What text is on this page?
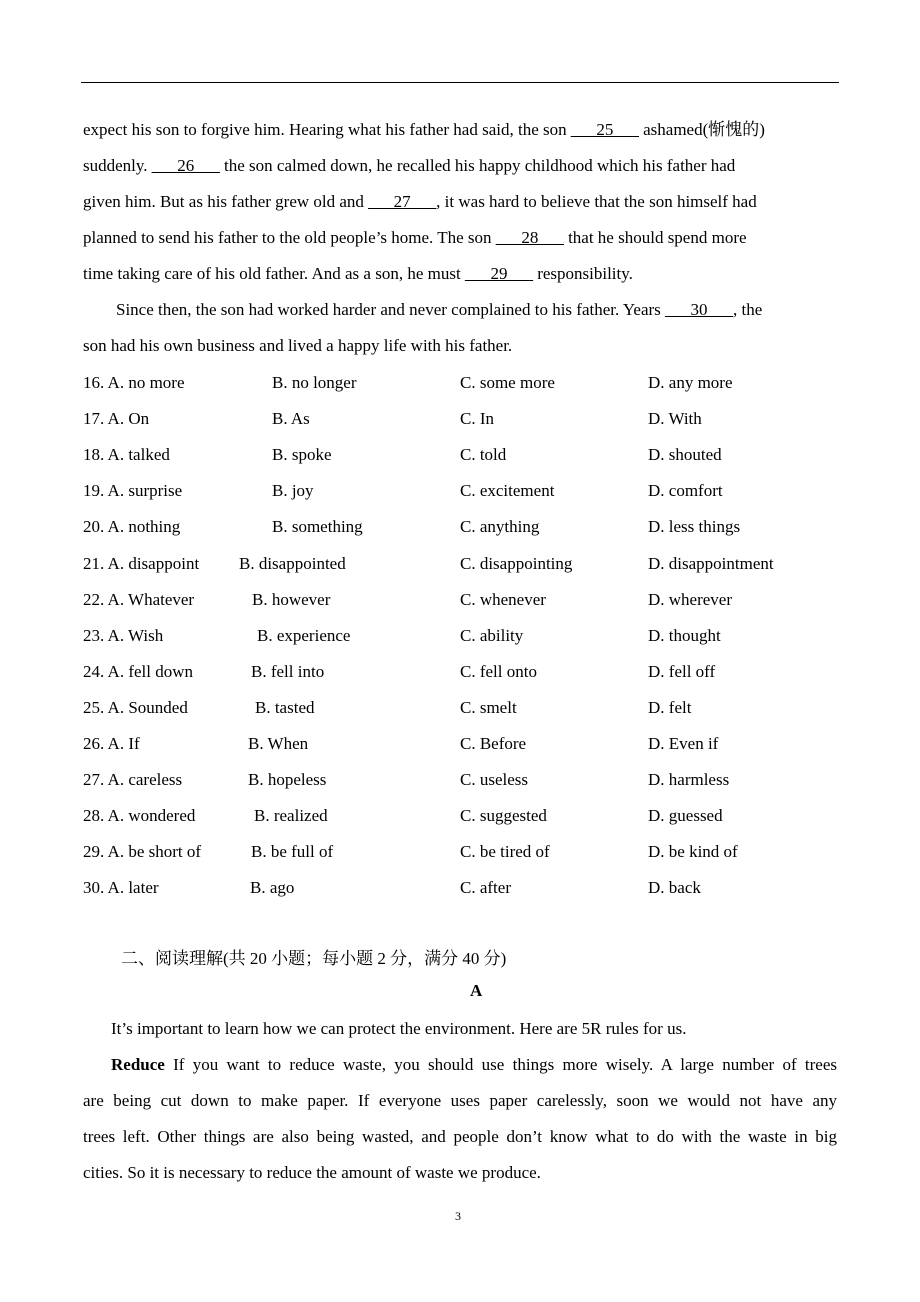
expect his son to forgive him. Hearing what his father had said, the son ___25___ ashamed(惭愧的)
suddenly. ___26___ the son calmed down, he recalled his happy childhood which his father had
given him. But as his father grew old and ___27___, it was hard to believe that the son himself had
planned to send his father to the old people’s home. The son ___28___ that he should spend more
time taking care of his old father. And as a son, he must ___29___ responsibility.
Since then, the son had worked harder and never complained to his father. Years ___30___, the
son had his own business and lived a happy life with his father.
16. A. no more	B. no longer	C. some more	D. any more
17. A. On	B. As	C. In	D. With
18. A. talked	B. spoke	C. told	D. shouted
19. A. surprise	B. joy	C. excitement	D. comfort
20. A. nothing	B. something	C. anything	D. less things
21. A. disappoint B. disappointed	C. disappointing	D. disappointment
22. A. Whatever	B. however	C. whenever	D. wherever
23. A. Wish	B. experience	C. ability	D. thought
24. A. fell down	B. fell into	C. fell onto	D. fell off
25. A. Sounded	B. tasted	C. smelt	D. felt
26. A. If	B. When	C. Before	D. Even if
27. A. careless	B. hopeless	C. useless	D. harmless
28. A. wondered	B. realized	C. suggested	D. guessed
29. A. be short of	B. be full of	C. be tired of	D. be kind of
30. A. later	B. ago	C. after	D. back
二、阅读理解(共 20 小题；每小题 2 分，满分 40 分)
A
It’s important to learn how we can protect the environment. Here are 5R rules for us.
Reduce If you want to reduce waste, you should use things more wisely. A large number of trees
are being cut down to make paper. If everyone uses paper carelessly, soon we would not have any
trees left. Other things are also being wasted, and people don’t know what to do with the waste in big
cities. So it is necessary to reduce the amount of waste we produce.
3
